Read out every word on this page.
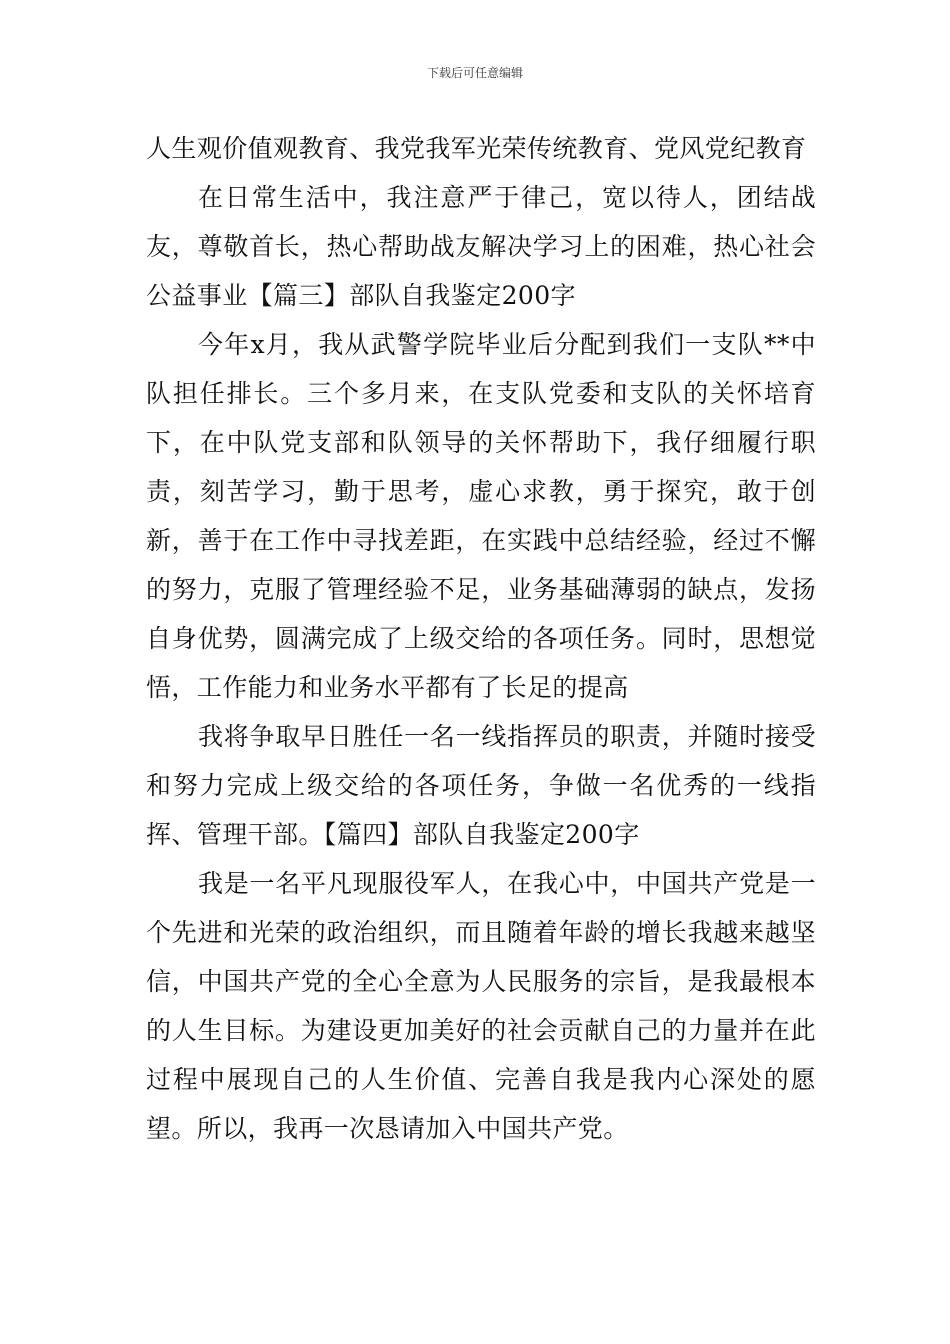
下载后可任意编辑

人生观价值观教育、我党我军光荣传统教育、党风党纪教育

在日常生活中，我注意严于律己，宽以待人，团结战友，尊敬首长，热心帮助战友解决学习上的困难，热心社会公益事业【篇三】部队自我鉴定200字

今年x月，我从武警学院毕业后分配到我们一支队**中队担任排长。三个多月来，在支队党委和支队的关怀培育下，在中队党支部和队领导的关怀帮助下，我仔细履行职责，刻苦学习，勤于思考，虚心求教，勇于探究，敢于创新，善于在工作中寻找差距，在实践中总结经验，经过不懈的努力，克服了管理经验不足，业务基础薄弱的缺点，发扬自身优势，圆满完成了上级交给的各项任务。同时，思想觉悟，工作能力和业务水平都有了长足的提高

我将争取早日胜任一名一线指挥员的职责，并随时接受和努力完成上级交给的各项任务，争做一名优秀的一线指挥、管理干部。【篇四】部队自我鉴定200字

我是一名平凡现服役军人，在我心中，中国共产党是一个先进和光荣的政治组织，而且随着年龄的增长我越来越坚信，中国共产党的全心全意为人民服务的宗旨，是我最根本的人生目标。为建设更加美好的社会贡献自己的力量并在此过程中展现自己的人生价值、完善自我是我内心深处的愿望。所以，我再一次恳请加入中国共产党。
